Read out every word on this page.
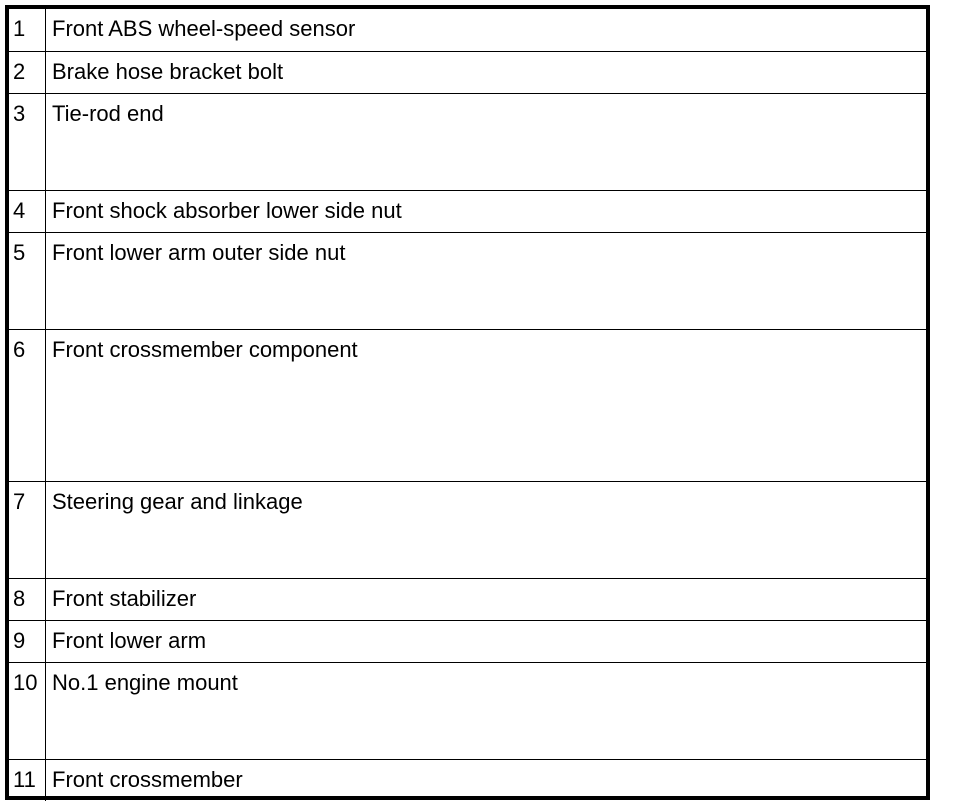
1	Front ABS wheel-speed sensor
2	Brake hose bracket bolt
3	Tie-rod end
4	Front shock absorber lower side nut
5	Front lower arm outer side nut
6	Front crossmember component
7	Steering gear and linkage
8	Front stabilizer
9	Front lower arm
10	No.1 engine mount
11	Front crossmember
